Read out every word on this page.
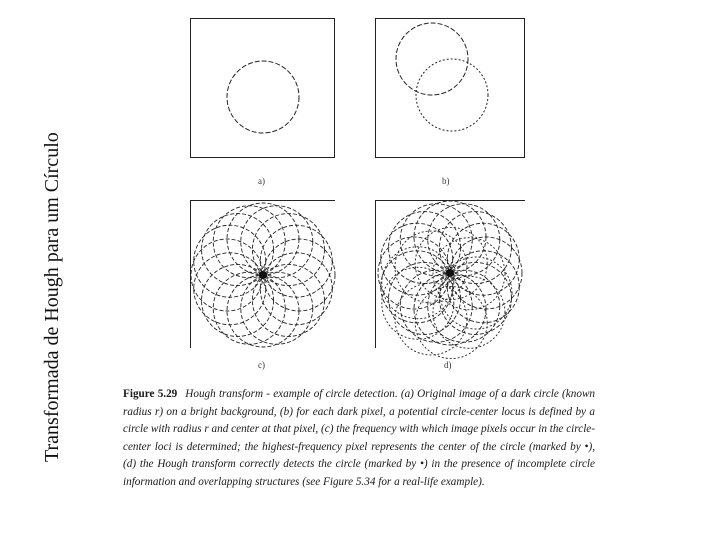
Transformada de Hough para um Círculo	a)	b)
c)	d)
Figure 5.29 Hough transform - example of circle detection. (a) Original image of a dark circle (known radius r) on a bright background, (b) for each dark pixel, a potential circle-center locus is defined by a circle with radius r and center at that pixel, (c) the frequency with which image pixels occur in the circle-center loci is determined; the highest-frequency pixel represents the center of the circle (marked by •), (d) the Hough transform correctly detects the circle (marked by •) in the presence of incomplete circle information and overlapping structures (see Figure 5.34 for a real-life example).
